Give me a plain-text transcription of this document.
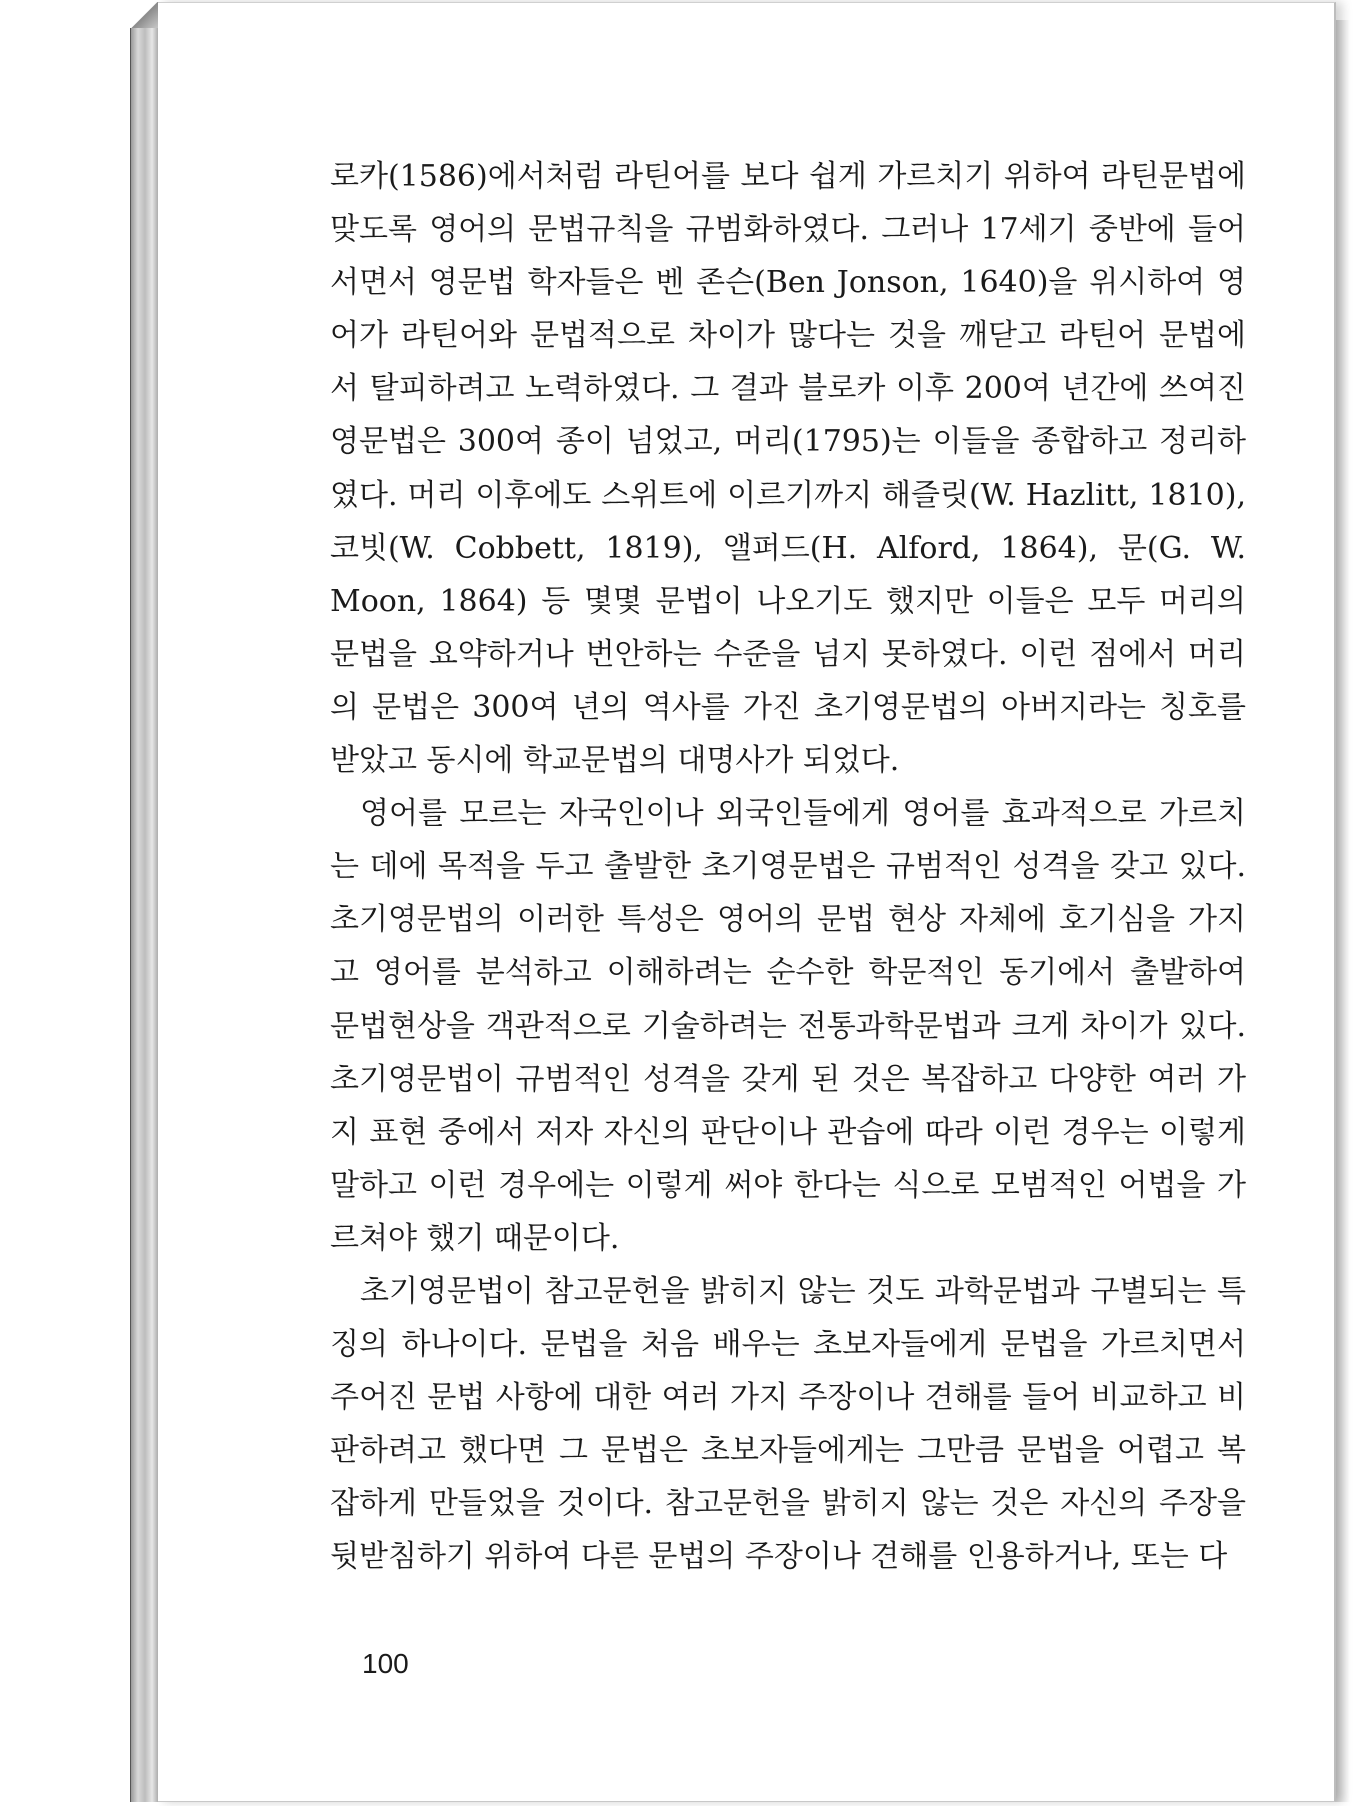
로카(1586)에서처럼 라틴어를 보다 쉽게 가르치기 위하여 라틴문법에 맞도록 영어의 문법규칙을 규범화하였다. 그러나 17세기 중반에 들어서면서 영문법 학자들은 벤 존슨(Ben Jonson, 1640)을 위시하여 영어가 라틴어와 문법적으로 차이가 많다는 것을 깨닫고 라틴어 문법에서 탈피하려고 노력하였다. 그 결과 블로카 이후 200여 년간에 쓰여진 영문법은 300여 종이 넘었고, 머리(1795)는 이들을 종합하고 정리하였다. 머리 이후에도 스위트에 이르기까지 해즐릿(W. Hazlitt, 1810), 코빗(W. Cobbett, 1819), 앨퍼드(H. Alford, 1864), 문(G. W. Moon, 1864) 등 몇몇 문법이 나오기도 했지만 이들은 모두 머리의 문법을 요약하거나 번안하는 수준을 넘지 못하였다. 이런 점에서 머리의 문법은 300여 년의 역사를 가진 초기영문법의 아버지라는 칭호를 받았고 동시에 학교문법의 대명사가 되었다.

영어를 모르는 자국인이나 외국인들에게 영어를 효과적으로 가르치는 데에 목적을 두고 출발한 초기영문법은 규범적인 성격을 갖고 있다. 초기영문법의 이러한 특성은 영어의 문법 현상 자체에 호기심을 가지고 영어를 분석하고 이해하려는 순수한 학문적인 동기에서 출발하여 문법현상을 객관적으로 기술하려는 전통과학문법과 크게 차이가 있다. 초기영문법이 규범적인 성격을 갖게 된 것은 복잡하고 다양한 여러 가지 표현 중에서 저자 자신의 판단이나 관습에 따라 이런 경우는 이렇게 말하고 이런 경우에는 이렇게 써야 한다는 식으로 모범적인 어법을 가르쳐야 했기 때문이다.

초기영문법이 참고문헌을 밝히지 않는 것도 과학문법과 구별되는 특징의 하나이다. 문법을 처음 배우는 초보자들에게 문법을 가르치면서 주어진 문법 사항에 대한 여러 가지 주장이나 견해를 들어 비교하고 비판하려고 했다면 그 문법은 초보자들에게는 그만큼 문법을 어렵고 복잡하게 만들었을 것이다. 참고문헌을 밝히지 않는 것은 자신의 주장을 뒷받침하기 위하여 다른 문법의 주장이나 견해를 인용하거나, 또는 다

100
